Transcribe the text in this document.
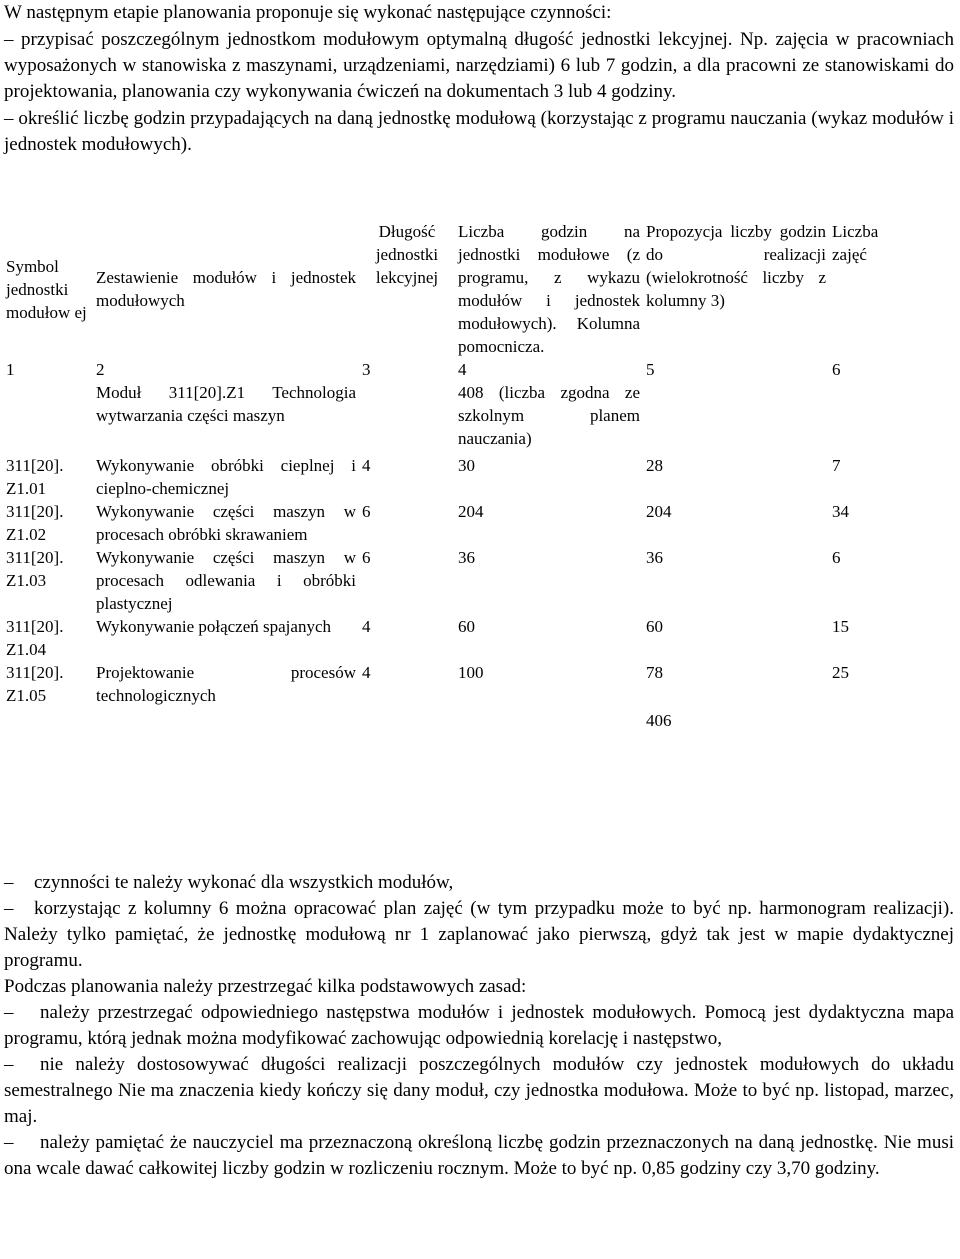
W następnym etapie planowania proponuje się wykonać następujące czynności:

– przypisać poszczególnym jednostkom modułowym optymalną długość jednostki lekcyjnej. Np. zajęcia w pracowniach wyposażonych w stanowiska z maszynami, urządzeniami, narzędziami) 6 lub 7 godzin, a dla pracowni ze stanowiskami do projektowania, planowania czy wykonywania ćwiczeń na dokumentach 3 lub 4 godziny.

– określić liczbę godzin przypadających na daną jednostkę modułową (korzystając z programu nauczania (wykaz modułów i jednostek modułowych).

Symbol jednostki modułow ej	Zestawienie modułów i jednostek modułowych	Długość jednostki lekcyjnej	Liczba godzin na jednostki modułowe (z programu, z wykazu modułów i jednostek modułowych). Kolumna pomocnicza.	Propozycja liczby godzin do realizacji (wielokrotność liczby z kolumny 3)	Liczba zajęć
1	2	3	4	5	6
	Moduł 311[20].Z1 Technologia wytwarzania części maszyn		408 (liczba zgodna ze szkolnym planem nauczania)		
311[20]. Z1.01	Wykonywanie obróbki cieplnej i cieplno-chemicznej	4	30	28	7
311[20]. Z1.02	Wykonywanie części maszyn w procesach obróbki skrawaniem	6	204	204	34
311[20]. Z1.03	Wykonywanie części maszyn w procesach odlewania i obróbki plastycznej	6	36	36	6
311[20]. Z1.04	Wykonywanie połączeń spajanych	4	60	60	15
311[20]. Z1.05	Projektowanie procesów technologicznych	4	100	78	25
				406	

– czynności te należy wykonać dla wszystkich modułów,

– korzystając z kolumny 6 można opracować plan zajęć (w tym przypadku może to być np. harmonogram realizacji). Należy tylko pamiętać, że jednostkę modułową nr 1 zaplanować jako pierwszą, gdyż tak jest w mapie dydaktycznej programu.

Podczas planowania należy przestrzegać kilka podstawowych zasad:

– należy przestrzegać odpowiedniego następstwa modułów i jednostek modułowych. Pomocą jest dydaktyczna mapa programu, którą jednak można modyfikować zachowując odpowiednią korelację i następstwo,

– nie należy dostosowywać długości realizacji poszczególnych modułów czy jednostek modułowych do układu semestralnego Nie ma znaczenia kiedy kończy się dany moduł, czy jednostka modułowa. Może to być np. listopad, marzec, maj.

– należy pamiętać że nauczyciel ma przeznaczoną określoną liczbę godzin przeznaczonych na daną jednostkę. Nie musi ona wcale dawać całkowitej liczby godzin w rozliczeniu rocznym. Może to być np. 0,85 godziny czy 3,70 godziny.
